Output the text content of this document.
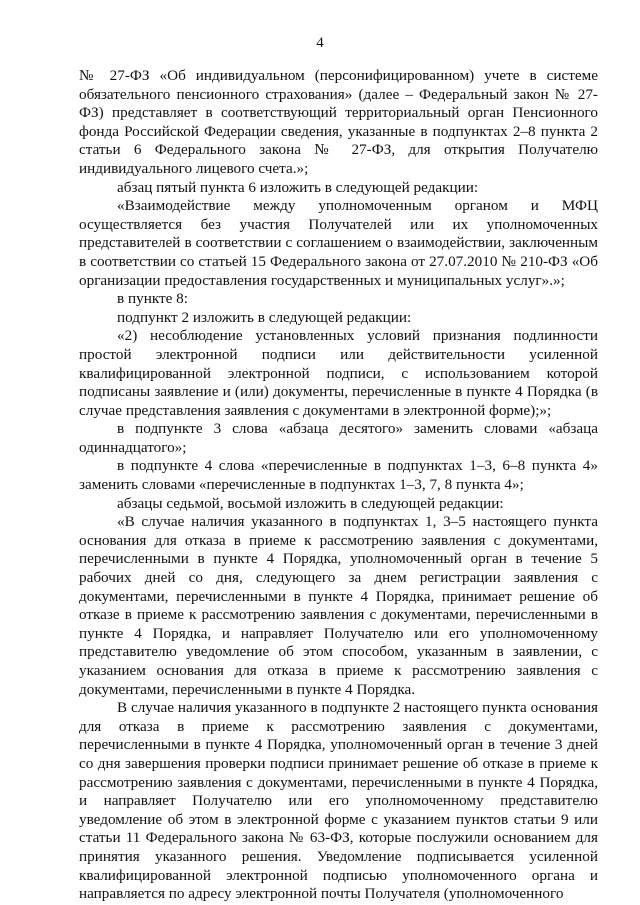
4

№ 27-ФЗ «Об индивидуальном (персонифицированном) учете в системе обязательного пенсионного страхования» (далее – Федеральный закон № 27-ФЗ) представляет в соответствующий территориальный орган Пенсионного фонда Российской Федерации сведения, указанные в подпунктах 2–8 пункта 2 статьи 6 Федерального закона № 27-ФЗ, для открытия Получателю индивидуального лицевого счета.»;

абзац пятый пункта 6 изложить в следующей редакции:

«Взаимодействие между уполномоченным органом и МФЦ осуществляется без участия Получателей или их уполномоченных представителей в соответствии с соглашением о взаимодействии, заключенным в соответствии со статьей 15 Федерального закона от 27.07.2010 № 210-ФЗ «Об организации предоставления государственных и муниципальных услуг».»;

в пункте 8:

подпункт 2 изложить в следующей редакции:

«2) несоблюдение установленных условий признания подлинности простой электронной подписи или действительности усиленной квалифицированной электронной подписи, с использованием которой подписаны заявление и (или) документы, перечисленные в пункте 4 Порядка (в случае представления заявления с документами в электронной форме);»;

в подпункте 3 слова «абзаца десятого» заменить словами «абзаца одиннадцатого»;

в подпункте 4 слова «перечисленные в подпунктах 1–3, 6–8 пункта 4» заменить словами «перечисленные в подпунктах 1–3, 7, 8 пункта 4»;

абзацы седьмой, восьмой изложить в следующей редакции:

«В случае наличия указанного в подпунктах 1, 3–5 настоящего пункта основания для отказа в приеме к рассмотрению заявления с документами, перечисленными в пункте 4 Порядка, уполномоченный орган в течение 5 рабочих дней со дня, следующего за днем регистрации заявления с документами, перечисленными в пункте 4 Порядка, принимает решение об отказе в приеме к рассмотрению заявления с документами, перечисленными в пункте 4 Порядка, и направляет Получателю или его уполномоченному представителю уведомление об этом способом, указанным в заявлении, с указанием основания для отказа в приеме к рассмотрению заявления с документами, перечисленными в пункте 4 Порядка.

В случае наличия указанного в подпункте 2 настоящего пункта основания для отказа в приеме к рассмотрению заявления с документами, перечисленными в пункте 4 Порядка, уполномоченный орган в течение 3 дней со дня завершения проверки подписи принимает решение об отказе в приеме к рассмотрению заявления с документами, перечисленными в пункте 4 Порядка, и направляет Получателю или его уполномоченному представителю уведомление об этом в электронной форме с указанием пунктов статьи 9 или статьи 11 Федерального закона № 63-ФЗ, которые послужили основанием для принятия указанного решения. Уведомление подписывается усиленной квалифицированной электронной подписью уполномоченного органа и направляется по адресу электронной почты Получателя (уполномоченного
